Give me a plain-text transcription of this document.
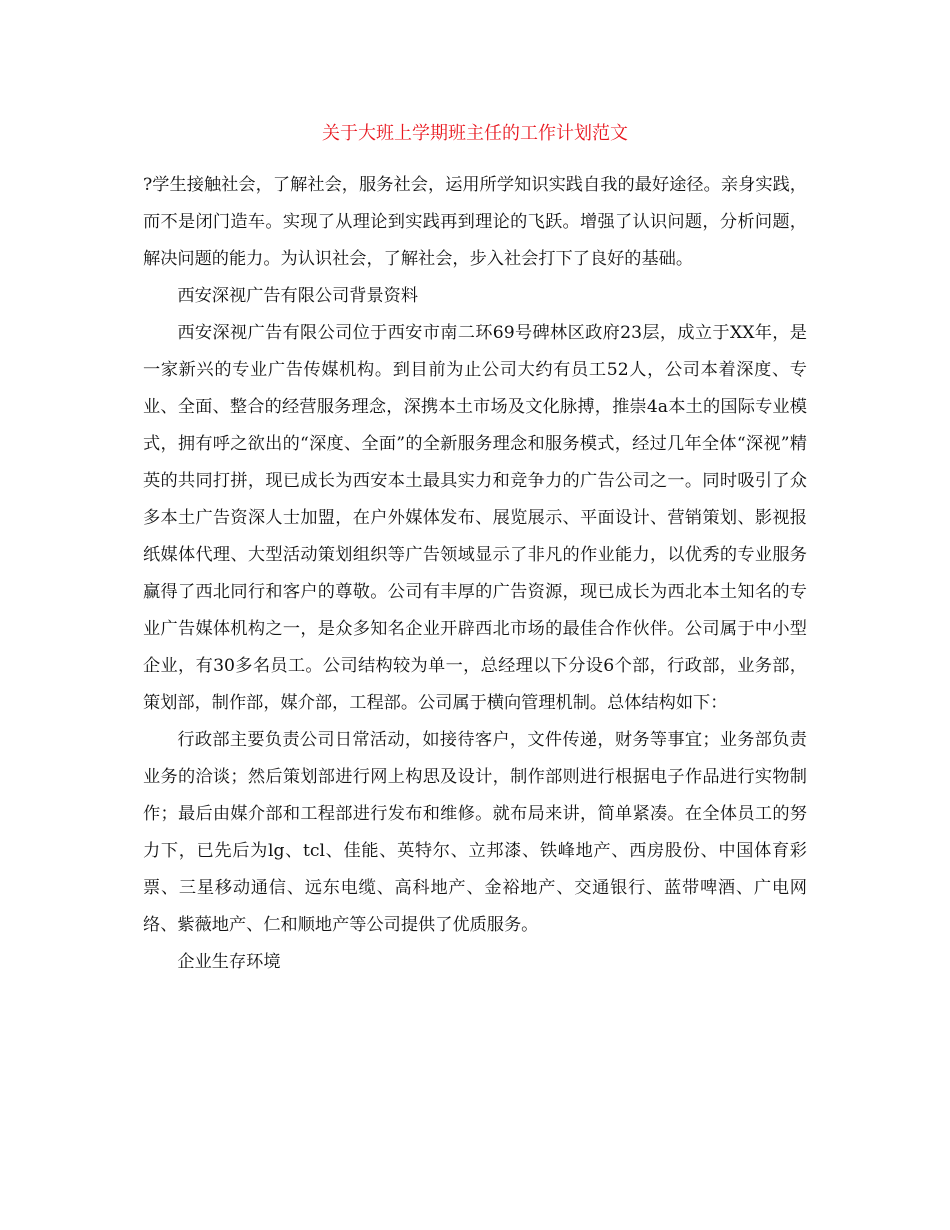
关于大班上学期班主任的工作计划范文

?学生接触社会，了解社会，服务社会，运用所学知识实践自我的最好途径。亲身实践，而不是闭门造车。实现了从理论到实践再到理论的飞跃。增强了认识问题，分析问题，解决问题的能力。为认识社会，了解社会，步入社会打下了良好的基础。

西安深视广告有限公司背景资料

西安深视广告有限公司位于西安市南二环69号碑林区政府23层，成立于XX年，是一家新兴的专业广告传媒机构。到目前为止公司大约有员工52人，公司本着深度、专业、全面、整合的经营服务理念，深携本土市场及文化脉搏，推崇4a本土的国际专业模式，拥有呼之欲出的“深度、全面”的全新服务理念和服务模式，经过几年全体“深视”精英的共同打拼，现已成长为西安本土最具实力和竞争力的广告公司之一。同时吸引了众多本土广告资深人士加盟，在户外媒体发布、展览展示、平面设计、营销策划、影视报纸媒体代理、大型活动策划组织等广告领域显示了非凡的作业能力，以优秀的专业服务赢得了西北同行和客户的尊敬。公司有丰厚的广告资源，现已成长为西北本土知名的专业广告媒体机构之一，是众多知名企业开辟西北市场的最佳合作伙伴。公司属于中小型企业，有30多名员工。公司结构较为单一，总经理以下分设6个部，行政部，业务部，策划部，制作部，媒介部，工程部。公司属于横向管理机制。总体结构如下：

行政部主要负责公司日常活动，如接待客户，文件传递，财务等事宜；业务部负责业务的洽谈；然后策划部进行网上构思及设计，制作部则进行根据电子作品进行实物制作；最后由媒介部和工程部进行发布和维修。就布局来讲，简单紧凑。在全体员工的努力下，已先后为lg、tcl、佳能、英特尔、立邦漆、铁峰地产、西房股份、中国体育彩票、三星移动通信、远东电缆、高科地产、金裕地产、交通银行、蓝带啤酒、广电网络、紫薇地产、仁和顺地产等公司提供了优质服务。

企业生存环境
